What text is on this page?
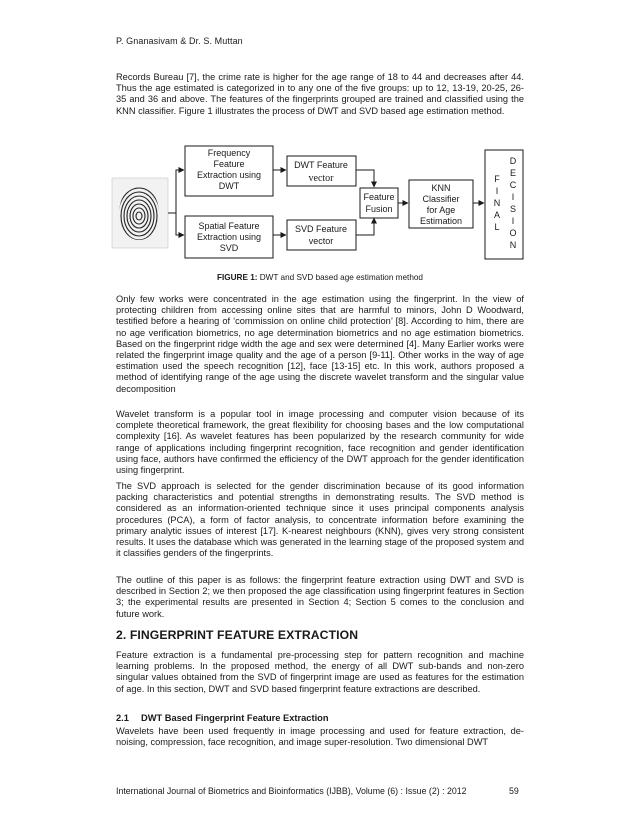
P. Gnanasivam & Dr. S. Muttan

Records Bureau [7], the crime rate is higher for the age range of 18 to 44 and decreases after 44. Thus the age estimated is categorized in to any one of the five groups: up to 12, 13-19, 20-25, 26-35 and 36 and above. The features of the fingerprints grouped are trained and classified using the KNN classifier. Figure 1 illustrates the process of DWT and SVD based age estimation method.

Frequency
Feature
Extraction using
DWT
Spatial Feature
Extraction using
SVD
DWT Feature
vector
SVD Feature
vector
Feature
Fusion
KNN
Classifier
for Age
Estimation
F
I
N
A
L
D
E
C
I
S
I
O
N
FIGURE 1: DWT and SVD based age estimation method

Only few works were concentrated in the age estimation using the fingerprint. In the view of protecting children from accessing online sites that are harmful to minors, John D Woodward, testified before a hearing of ‘commission on online child protection’ [8]. According to him, there are no age verification biometrics, no age determination biometrics and no age estimation biometrics. Based on the fingerprint ridge width the age and sex were determined [4]. Many Earlier works were related the fingerprint image quality and the age of a person [9-11]. Other works in the way of age estimation used the speech recognition [12], face [13-15] etc. In this work, authors proposed a method of identifying range of the age using the discrete wavelet transform and the singular value decomposition

Wavelet transform is a popular tool in image processing and computer vision because of its complete theoretical framework, the great flexibility for choosing bases and the low computational complexity [16]. As wavelet features has been popularized by the research community for wide range of applications including fingerprint recognition, face recognition and gender identification using face, authors have confirmed the efficiency of the DWT approach for the gender identification using fingerprint.

The SVD approach is selected for the gender discrimination because of its good information packing characteristics and potential strengths in demonstrating results. The SVD method is considered as an information-oriented technique since it uses principal components analysis procedures (PCA), a form of factor analysis, to concentrate information before examining the primary analytic issues of interest [17]. K-nearest neighbours (KNN), gives very strong consistent results. It uses the database which was generated in the learning stage of the proposed system and it classifies genders of the fingerprints.

The outline of this paper is as follows: the fingerprint feature extraction using DWT and SVD is described in Section 2; we then proposed the age classification using fingerprint features in Section 3; the experimental results are presented in Section 4; Section 5 comes to the conclusion and future work.

2. FINGERPRINT FEATURE EXTRACTION

Feature extraction is a fundamental pre-processing step for pattern recognition and machine learning problems. In the proposed method, the energy of all DWT sub-bands and non-zero singular values obtained from the SVD of fingerprint image are used as features for the estimation of age. In this section, DWT and SVD based fingerprint feature extractions are described.

2.1 DWT Based Fingerprint Feature Extraction

Wavelets have been used frequently in image processing and used for feature extraction, de-noising, compression, face recognition, and image super-resolution. Two dimensional DWT

International Journal of Biometrics and Bioinformatics (IJBB), Volume (6) : Issue (2) : 2012	59
